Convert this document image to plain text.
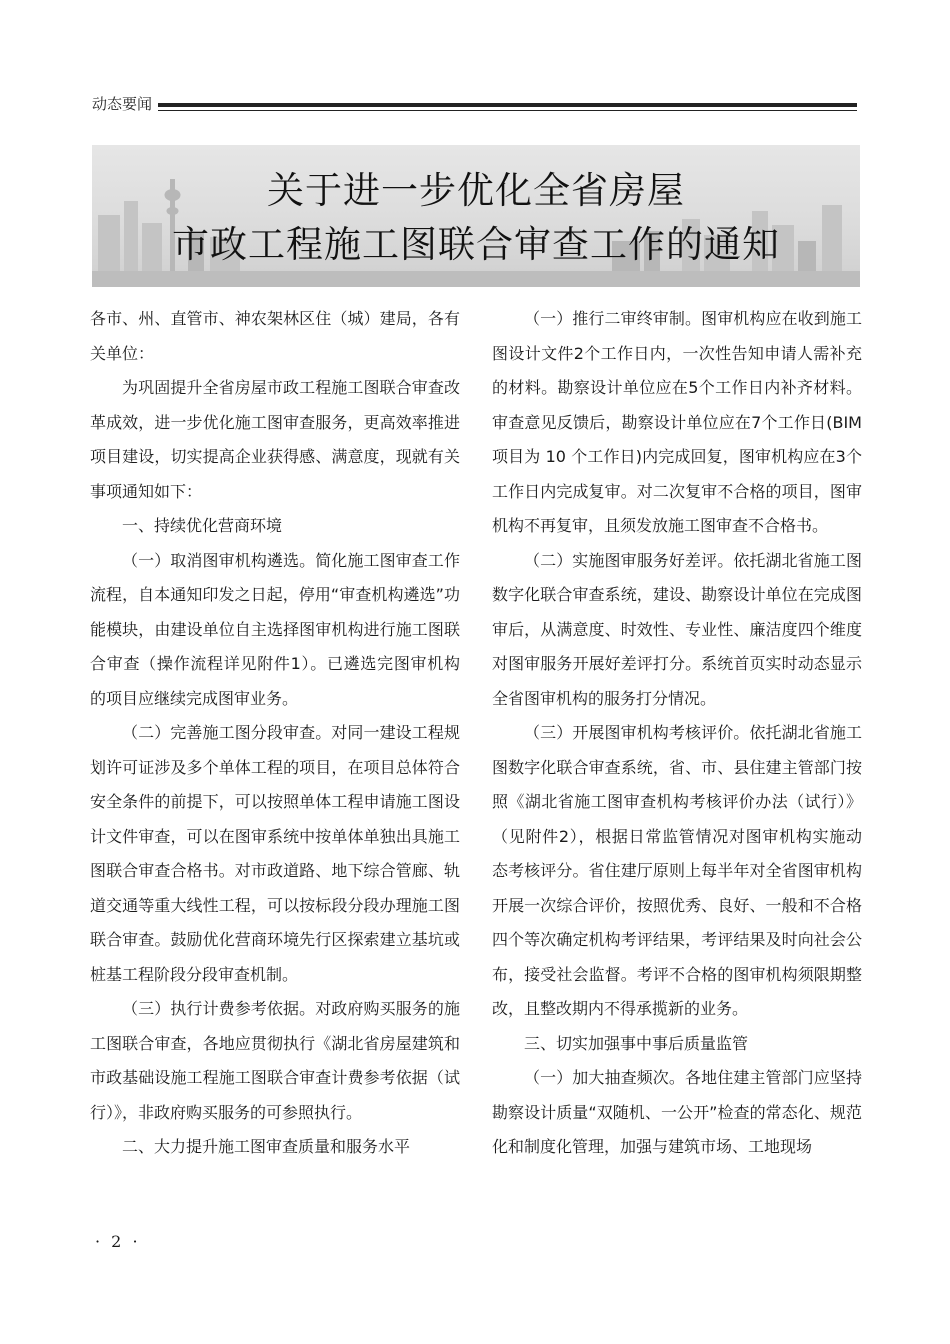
动态要闻
关于进一步优化全省房屋
市政工程施工图联合审查工作的通知

各市、州、直管市、神农架林区住（城）建局，各有关单位：

为巩固提升全省房屋市政工程施工图联合审查改革成效，进一步优化施工图审查服务，更高效率推进项目建设，切实提高企业获得感、满意度，现就有关事项通知如下：

一、持续优化营商环境

（一）取消图审机构遴选。简化施工图审查工作流程，自本通知印发之日起，停用“审查机构遴选”功能模块，由建设单位自主选择图审机构进行施工图联合审查（操作流程详见附件1）。已遴选完图审机构的项目应继续完成图审业务。

（二）完善施工图分段审查。对同一建设工程规划许可证涉及多个单体工程的项目，在项目总体符合安全条件的前提下，可以按照单体工程申请施工图设计文件审查，可以在图审系统中按单体单独出具施工图联合审查合格书。对市政道路、地下综合管廊、轨道交通等重大线性工程，可以按标段分段办理施工图联合审查。鼓励优化营商环境先行区探索建立基坑或桩基工程阶段分段审查机制。

（三）执行计费参考依据。对政府购买服务的施工图联合审查，各地应贯彻执行《湖北省房屋建筑和市政基础设施工程施工图联合审查计费参考依据（试行）》，非政府购买服务的可参照执行。

二、大力提升施工图审查质量和服务水平

（一）推行二审终审制。图审机构应在收到施工图设计文件2个工作日内，一次性告知申请人需补充的材料。勘察设计单位应在5个工作日内补齐材料。审查意见反馈后，勘察设计单位应在7个工作日(BIM 项目为 10 个工作日)内完成回复，图审机构应在3个工作日内完成复审。对二次复审不合格的项目，图审机构不再复审，且须发放施工图审查不合格书。

（二）实施图审服务好差评。依托湖北省施工图数字化联合审查系统，建设、勘察设计单位在完成图审后，从满意度、时效性、专业性、廉洁度四个维度对图审服务开展好差评打分。系统首页实时动态显示全省图审机构的服务打分情况。

（三）开展图审机构考核评价。依托湖北省施工图数字化联合审查系统，省、市、县住建主管部门按照《湖北省施工图审查机构考核评价办法（试行）》（见附件2），根据日常监管情况对图审机构实施动态考核评分。省住建厅原则上每半年对全省图审机构开展一次综合评价，按照优秀、良好、一般和不合格四个等次确定机构考评结果，考评结果及时向社会公布，接受社会监督。考评不合格的图审机构须限期整改，且整改期内不得承揽新的业务。

三、切实加强事中事后质量监管

（一）加大抽查频次。各地住建主管部门应坚持勘察设计质量“双随机、一公开”检查的常态化、规范化和制度化管理，加强与建筑市场、工地现场

· 2 ·
